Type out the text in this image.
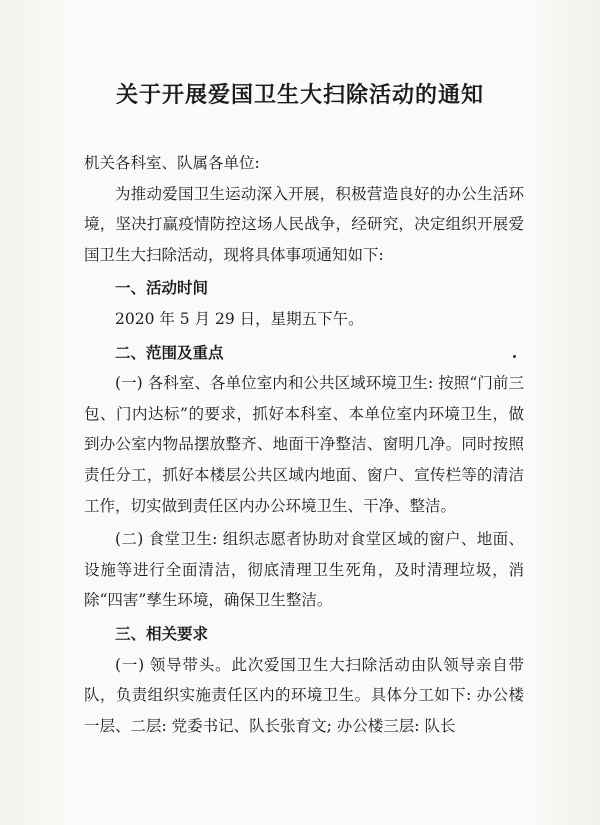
关于开展爱国卫生大扫除活动的通知

机关各科室、队属各单位:

为推动爱国卫生运动深入开展，积极营造良好的办公生活环境，坚决打赢疫情防控这场人民战争，经研究，决定组织开展爱国卫生大扫除活动，现将具体事项通知如下:

一、活动时间

2020 年 5 月 29 日，星期五下午。

二、范围及重点

(一) 各科室、各单位室内和公共区域环境卫生: 按照“门前三包、门内达标”的要求，抓好本科室、本单位室内环境卫生，做到办公室内物品摆放整齐、地面干净整洁、窗明几净。同时按照责任分工，抓好本楼层公共区域内地面、窗户、宣传栏等的清洁工作，切实做到责任区内办公环境卫生、干净、整洁。

(二) 食堂卫生: 组织志愿者协助对食堂区域的窗户、地面、设施等进行全面清洁，彻底清理卫生死角，及时清理垃圾，消除“四害”孳生环境，确保卫生整洁。

三、相关要求

(一) 领导带头。此次爱国卫生大扫除活动由队领导亲自带队，负责组织实施责任区内的环境卫生。具体分工如下: 办公楼一层、二层: 党委书记、队长张育文; 办公楼三层: 队长
